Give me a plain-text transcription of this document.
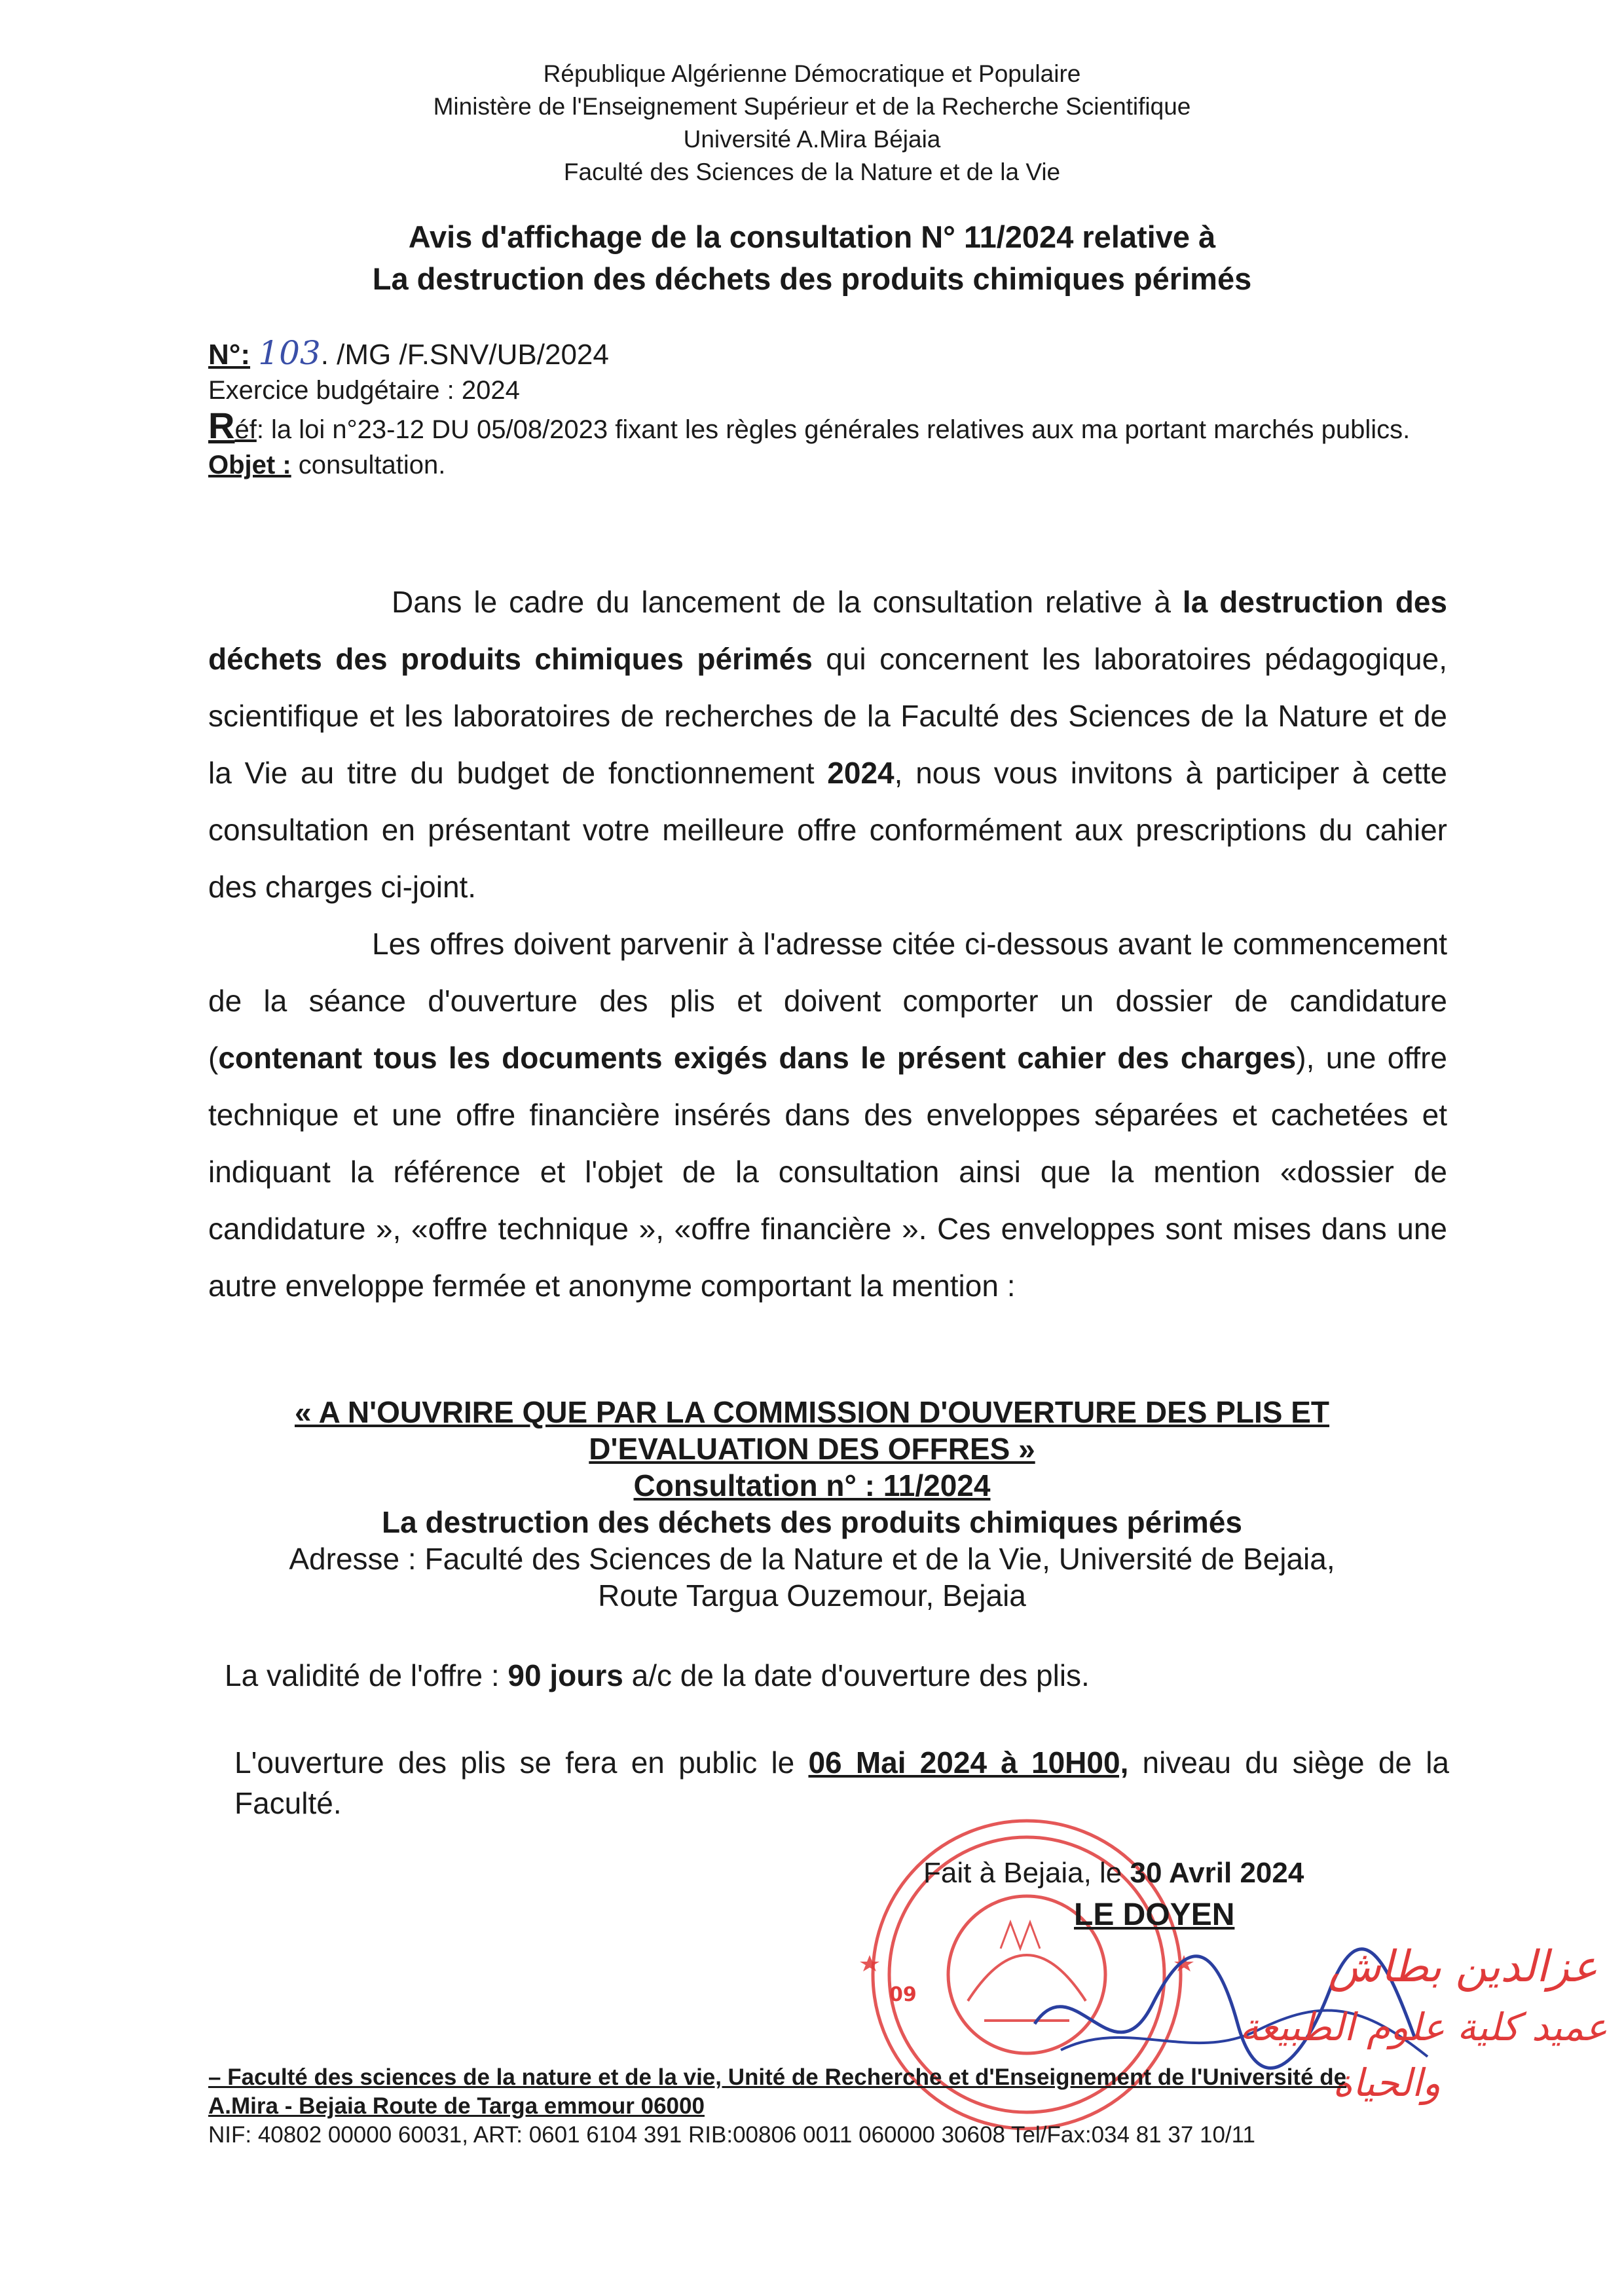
République Algérienne Démocratique et Populaire
Ministère de l'Enseignement Supérieur et de la Recherche Scientifique
Université A.Mira Béjaia
Faculté des Sciences de la Nature et de la Vie
Avis d'affichage de la consultation N° 11/2024 relative à
La destruction des déchets des produits chimiques périmés
N°: 103. /MG /F.SNV/UB/2024
Exercice budgétaire : 2024
Réf: la loi n°23-12 DU 05/08/2023 fixant les règles générales relatives aux ma portant marchés publics.
Objet : consultation.

Dans le cadre du lancement de la consultation relative à la destruction des déchets des produits chimiques périmés qui concernent les laboratoires pédagogique, scientifique et les laboratoires de recherches de la Faculté des Sciences de la Nature et de la Vie au titre du budget de fonctionnement 2024, nous vous invitons à participer à cette consultation en présentant votre meilleure offre conformément aux prescriptions du cahier des charges ci-joint.

Les offres doivent parvenir à l'adresse citée ci-dessous avant le commencement de la séance d'ouverture des plis et doivent comporter un dossier de candidature (contenant tous les documents exigés dans le présent cahier des charges), une offre technique et une offre financière insérés dans des enveloppes séparées et cachetées et indiquant la référence et l'objet de la consultation ainsi que la mention «dossier de candidature », «offre technique », «offre financière ». Ces enveloppes sont mises dans une autre enveloppe fermée et anonyme comportant la mention :

« A N'OUVRIRE QUE PAR LA COMMISSION D'OUVERTURE DES PLIS ET
D'EVALUATION DES OFFRES »
Consultation n° : 11/2024
La destruction des déchets des produits chimiques périmés
Adresse : Faculté des Sciences de la Nature et de la Vie, Université de Bejaia,
Route Targua Ouzemour, Bejaia
La validité de l'offre : 90 jours a/c de la date d'ouverture des plis.
L'ouverture des plis se fera en public le 06 Mai 2024 à 10H00, niveau du siège de la Faculté.
09
Fait à Bejaia, le 30 Avril 2024
LE DOYEN
عزالدين بطاش
عميد كلية علوم الطبيعة
والحياة
– Faculté des sciences de la nature et de la vie, Unité de Recherche et d'Enseignement de l'Université de
A.Mira - Bejaia Route de Targa emmour 06000
NIF: 40802 00000 60031, ART: 0601 6104 391 RIB:00806 0011 060000 30608 Tel/Fax:034 81 37 10/11
